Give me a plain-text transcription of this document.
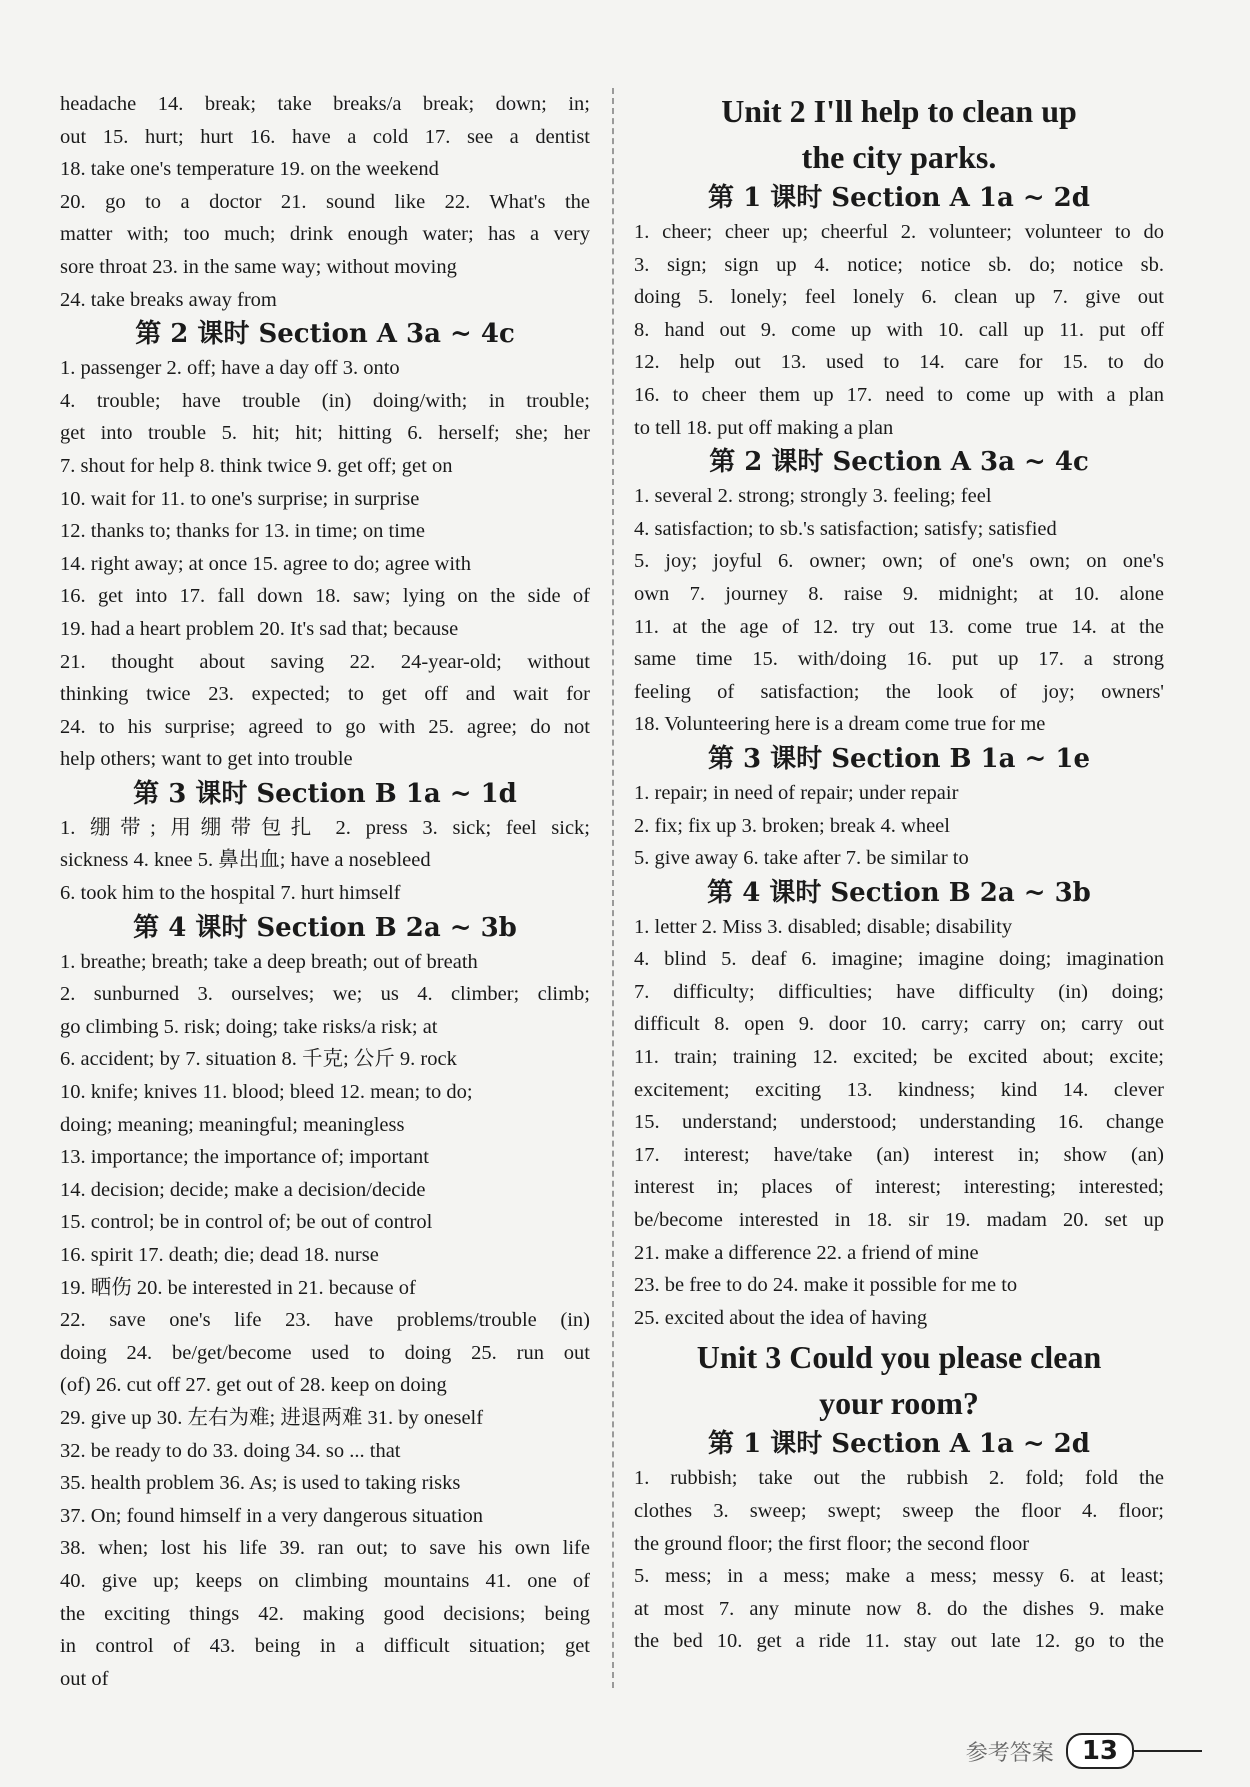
headache 14. break; take breaks/a break; down; in;
out 15. hurt; hurt 16. have a cold 17. see a dentist
18. take one's temperature 19. on the weekend
20. go to a doctor 21. sound like 22. What's the
matter with; too much; drink enough water; has a very
sore throat 23. in the same way; without moving
24. take breaks away from
第 2 课时 Section A 3a ~ 4c
1. passenger 2. off; have a day off 3. onto
4. trouble; have trouble (in) doing/with; in trouble;
get into trouble 5. hit; hit; hitting 6. herself; she; her
7. shout for help 8. think twice 9. get off; get on
10. wait for 11. to one's surprise; in surprise
12. thanks to; thanks for 13. in time; on time
14. right away; at once 15. agree to do; agree with
16. get into 17. fall down 18. saw; lying on the side of
19. had a heart problem 20. It's sad that; because
21. thought about saving 22. 24-year-old; without
thinking twice 23. expected; to get off and wait for
24. to his surprise; agreed to go with 25. agree; do not
help others; want to get into trouble
第 3 课时 Section B 1a ~ 1d
1. 绷带; 用绷带包扎 2. press 3. sick; feel sick;
sickness 4. knee 5. 鼻出血; have a nosebleed
6. took him to the hospital 7. hurt himself
第 4 课时 Section B 2a ~ 3b
1. breathe; breath; take a deep breath; out of breath
2. sunburned 3. ourselves; we; us 4. climber; climb;
go climbing 5. risk; doing; take risks/a risk; at
6. accident; by 7. situation 8. 千克; 公斤 9. rock
10. knife; knives 11. blood; bleed 12. mean; to do;
doing; meaning; meaningful; meaningless
13. importance; the importance of; important
14. decision; decide; make a decision/decide
15. control; be in control of; be out of control
16. spirit 17. death; die; dead 18. nurse
19. 晒伤 20. be interested in 21. because of
22. save one's life 23. have problems/trouble (in)
doing 24. be/get/become used to doing 25. run out
(of) 26. cut off 27. get out of 28. keep on doing
29. give up 30. 左右为难; 进退两难 31. by oneself
32. be ready to do 33. doing 34. so ... that
35. health problem 36. As; is used to taking risks
37. On; found himself in a very dangerous situation
38. when; lost his life 39. ran out; to save his own life
40. give up; keeps on climbing mountains 41. one of
the exciting things 42. making good decisions; being
in control of 43. being in a difficult situation; get
out of
Unit 2 I'll help to clean up
the city parks.
第 1 课时 Section A 1a ~ 2d
1. cheer; cheer up; cheerful 2. volunteer; volunteer to do
3. sign; sign up 4. notice; notice sb. do; notice sb.
doing 5. lonely; feel lonely 6. clean up 7. give out
8. hand out 9. come up with 10. call up 11. put off
12. help out 13. used to 14. care for 15. to do
16. to cheer them up 17. need to come up with a plan
to tell 18. put off making a plan
第 2 课时 Section A 3a ~ 4c
1. several 2. strong; strongly 3. feeling; feel
4. satisfaction; to sb.'s satisfaction; satisfy; satisfied
5. joy; joyful 6. owner; own; of one's own; on one's
own 7. journey 8. raise 9. midnight; at 10. alone
11. at the age of 12. try out 13. come true 14. at the
same time 15. with/doing 16. put up 17. a strong
feeling of satisfaction; the look of joy; owners'
18. Volunteering here is a dream come true for me
第 3 课时 Section B 1a ~ 1e
1. repair; in need of repair; under repair
2. fix; fix up 3. broken; break 4. wheel
5. give away 6. take after 7. be similar to
第 4 课时 Section B 2a ~ 3b
1. letter 2. Miss 3. disabled; disable; disability
4. blind 5. deaf 6. imagine; imagine doing; imagination
7. difficulty; difficulties; have difficulty (in) doing;
difficult 8. open 9. door 10. carry; carry on; carry out
11. train; training 12. excited; be excited about; excite;
excitement; exciting 13. kindness; kind 14. clever
15. understand; understood; understanding 16. change
17. interest; have/take (an) interest in; show (an)
interest in; places of interest; interesting; interested;
be/become interested in 18. sir 19. madam 20. set up
21. make a difference 22. a friend of mine
23. be free to do 24. make it possible for me to
25. excited about the idea of having
Unit 3 Could you please clean
your room?
第 1 课时 Section A 1a ~ 2d
1. rubbish; take out the rubbish 2. fold; fold the
clothes 3. sweep; swept; sweep the floor 4. floor;
the ground floor; the first floor; the second floor
5. mess; in a mess; make a mess; messy 6. at least;
at most 7. any minute now 8. do the dishes 9. make
the bed 10. get a ride 11. stay out late 12. go to the
参考答案	13
